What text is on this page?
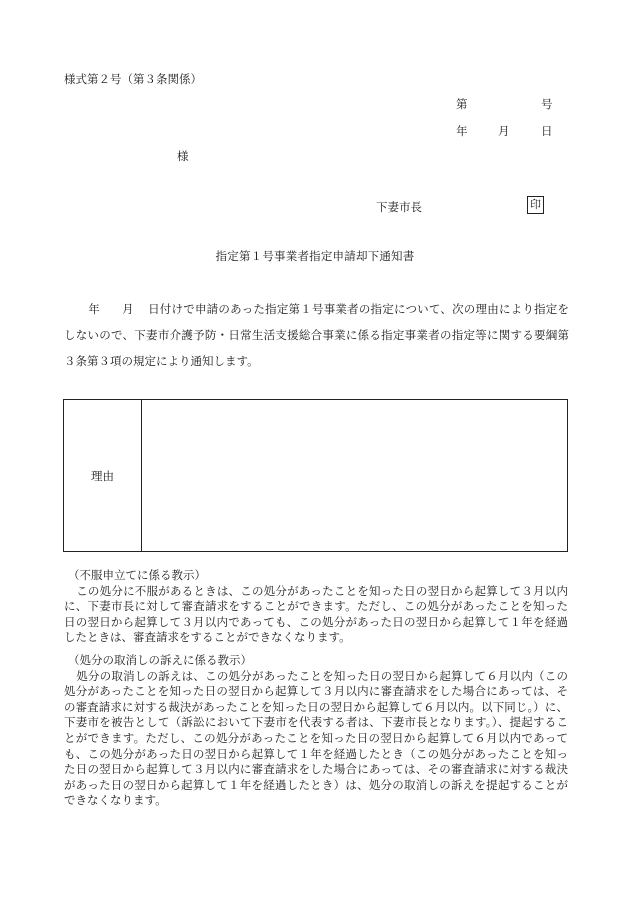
様式第２号（第３条関係）
第	号
年	月	日
様
下妻市長	印
指定第１号事業者指定申請却下通知書

年 月 日付けで申請のあった指定第１号事業者の指定について、次の理由により指定をしないので、下妻市介護予防・日常生活支援総合事業に係る指定事業者の指定等に関する要綱第３条第３項の規定により通知します。

理由

（不服申立てに係る教示）

この処分に不服があるときは、この処分があったことを知った日の翌日から起算して３月以内に、下妻市長に対して審査請求をすることができます。ただし、この処分があったことを知った日の翌日から起算して３月以内であっても、この処分があった日の翌日から起算して１年を経過したときは、審査請求をすることができなくなります。

（処分の取消しの訴えに係る教示）

処分の取消しの訴えは、この処分があったことを知った日の翌日から起算して６月以内（この処分があったことを知った日の翌日から起算して３月以内に審査請求をした場合にあっては、その審査請求に対する裁決があったことを知った日の翌日から起算して６月以内。以下同じ。）に、下妻市を被告として（訴訟において下妻市を代表する者は、下妻市長となります。）、提起することができます。ただし、この処分があったことを知った日の翌日から起算して６月以内であっても、この処分があった日の翌日から起算して１年を経過したとき（この処分があったことを知った日の翌日から起算して３月以内に審査請求をした場合にあっては、その審査請求に対する裁決があった日の翌日から起算して１年を経過したとき）は、処分の取消しの訴えを提起することができなくなります。
